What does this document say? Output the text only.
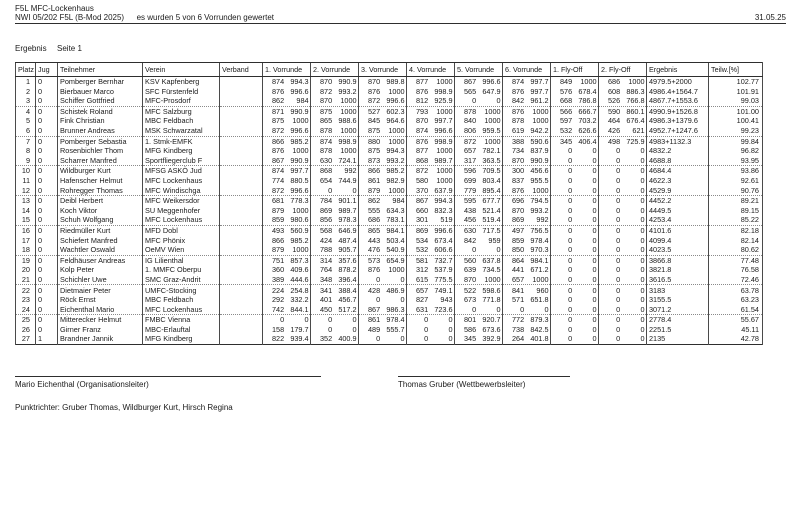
F5L MFC-Lockenhaus
NWI 05/202 F5L (B-Mod 2025) es wurden 5 von 6 Vorrunden gewertet	31.05.25
Ergebnis Seite 1
Platz	Jug	Teilnehmer	Verein	Verband	1. Vorrunde	2. Vorrunde	3. Vorrunde	4. Vorrunde	5. Vorrunde	6. Vorrunde	1. Fly-Off	2. Fly-Off	Ergebnis	Teilw.[%]
1	0	Pomberger Bernhar	KSV Kapfenberg		874 994.3	870 990.9	870 989.8	877 1000	867 996.6	874 997.7	849 1000	686 1000	4979.5+2000	102.77
2	0	Bierbauer Marco	SFC Fürstenfeld		876 996.6	872 993.2	876 1000	876 998.9	565 647.9	876 997.7	576 678.4	608 886.3	4986.4+1564.7	101.91
3	0	Schiffer Gottfried	MFC-Prosdorf		862 984	870 1000	872 996.6	812 925.9	0 0	842 961.2	668 786.8	526 766.8	4867.7+1553.6	99.03
4	0	Schistek Roland	MFC Salzburg		871 990.9	875 1000	527 602.3	793 1000	878 1000	876 1000	566 666.7	590 860.1	4990.9+1526.8	101.00
5	0	Fink Christian	MBC Feldbach		875 1000	865 988.6	845 964.6	870 997.7	840 1000	878 1000	597 703.2	464 676.4	4986.3+1379.6	100.41
6	0	Brunner Andreas	MSK Schwarzatal		872 996.6	878 1000	875 1000	874 996.6	806 959.5	619 942.2	532 626.6	426 621	4952.7+1247.6	99.23
7	0	Pomberger Sebastia	1. Stmk-EMFK		866 985.2	874 998.9	880 1000	876 998.9	872 1000	388 590.6	345 406.4	498 725.9	4983+1132.3	99.84
8	0	Rosenbichler Thom	MFG Kindberg		876 1000	878 1000	875 994.3	877 1000	657 782.1	734 837.9	0 0	0 0	4832.2	96.82
9	0	Scharrer Manfred	Sportfliegerclub F		867 990.9	630 724.1	873 993.2	868 989.7	317 363.5	870 990.9	0 0	0 0	4688.8	93.95
10	0	Wildburger Kurt	MFSG ASKÖ Jud		874 997.7	868 992	866 985.2	872 1000	596 709.5	300 456.6	0 0	0 0	4684.4	93.86
11	0	Hafenscher Helmut	MFC Lockenhaus		774 880.5	654 744.9	861 982.9	580 1000	699 803.4	837 955.5	0 0	0 0	4622.3	92.61
12	0	Rohregger Thomas	MFC Windischga		872 996.6	0 0	879 1000	370 637.9	779 895.4	876 1000	0 0	0 0	4529.9	90.76
13	0	Deibl Herbert	MFC Weikersdor		681 778.3	784 901.1	862 984	867 994.3	595 677.7	696 794.5	0 0	0 0	4452.2	89.21
14	0	Koch Viktor	SU Meggenhofer		879 1000	869 989.7	555 634.3	660 832.3	438 521.4	870 993.2	0 0	0 0	4449.5	89.15
15	0	Schuh Wolfgang	MFC Lockenhaus		859 980.6	856 978.3	686 783.1	301 519	456 519.4	869 992	0 0	0 0	4253.4	85.22
16	0	Riedmüller Kurt	MFD Dobl		493 560.9	568 646.9	865 984.1	869 996.6	630 717.5	497 756.5	0 0	0 0	4101.6	82.18
17	0	Schiefert Manfred	MFC Phönix		866 985.2	424 487.4	443 503.4	534 673.4	842 959	859 978.4	0 0	0 0	4099.4	82.14
18	0	Wachtler Oswald	OeMV Wien		879 1000	788 905.7	476 540.9	532 606.6	0 0	850 970.3	0 0	0 0	4023.5	80.62
19	0	Feldhäuser Andreas	IG Lilienthal		751 857.3	314 357.6	573 654.9	581 732.7	560 637.8	864 984.1	0 0	0 0	3866.8	77.48
20	0	Kolp Peter	1. MMFC Oberpu		360 409.6	764 878.2	876 1000	312 537.9	639 734.5	441 671.2	0 0	0 0	3821.8	76.58
21	0	Schichler Uwe	SMC Graz-Andrit		389 444.6	348 396.4	0 0	615 775.5	870 1000	657 1000	0 0	0 0	3616.5	72.46
22	0	Dietmaier Peter	UMFC-Stocking		224 254.8	341 388.4	428 486.9	657 749.1	522 598.6	841 960	0 0	0 0	3183	63.78
23	0	Röck Ernst	MBC Feldbach		292 332.2	401 456.7	0 0	827 943	673 771.8	571 651.8	0 0	0 0	3155.5	63.23
24	0	Eichenthal Mario	MFC Lockenhaus		742 844.1	450 517.2	867 986.3	631 723.6	0 0	0 0	0 0	0 0	3071.2	61.54
25	0	Mitterecker Helmut	FMBC Vienna		0 0	0 0	861 978.4	0 0	801 920.7	772 879.3	0 0	0 0	2778.4	55.67
26	0	Girner Franz	MBC-Erlauftal		158 179.7	0 0	489 555.7	0 0	586 673.6	738 842.5	0 0	0 0	2251.5	45.11
27	1	Brandner Jannik	MFG Kindberg		822 939.4	352 400.9	0 0	0 0	345 392.9	264 401.8	0 0	0 0	2135	42.78
Mario Eichenthal (Organisationsleiter)	Thomas Gruber (Wettbewerbsleiter)
Punktrichter: Gruber Thomas, Wildburger Kurt, Hirsch Regina
